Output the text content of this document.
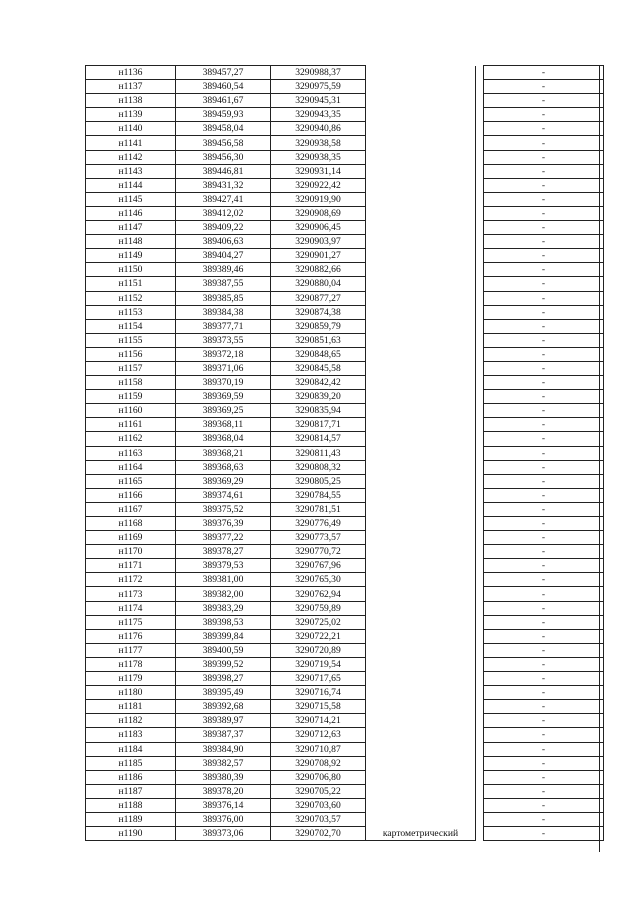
н1136	389457,27	3290988,37			-
н1137	389460,54	3290975,59			-
н1138	389461,67	3290945,31			-
н1139	389459,93	3290943,35			-
н1140	389458,04	3290940,86			-
н1141	389456,58	3290938,58			-
н1142	389456,30	3290938,35			-
н1143	389446,81	3290931,14			-
н1144	389431,32	3290922,42			-
н1145	389427,41	3290919,90			-
н1146	389412,02	3290908,69			-
н1147	389409,22	3290906,45			-
н1148	389406,63	3290903,97			-
н1149	389404,27	3290901,27			-
н1150	389389,46	3290882,66			-
н1151	389387,55	3290880,04			-
н1152	389385,85	3290877,27			-
н1153	389384,38	3290874,38			-
н1154	389377,71	3290859,79			-
н1155	389373,55	3290851,63			-
н1156	389372,18	3290848,65			-
н1157	389371,06	3290845,58			-
н1158	389370,19	3290842,42			-
н1159	389369,59	3290839,20			-
н1160	389369,25	3290835,94			-
н1161	389368,11	3290817,71			-
н1162	389368,04	3290814,57			-
н1163	389368,21	3290811,43			-
н1164	389368,63	3290808,32			-
н1165	389369,29	3290805,25			-
н1166	389374,61	3290784,55			-
н1167	389375,52	3290781,51			-
н1168	389376,39	3290776,49			-
н1169	389377,22	3290773,57			-
н1170	389378,27	3290770,72			-
н1171	389379,53	3290767,96			-
н1172	389381,00	3290765,30			-
н1173	389382,00	3290762,94			-
н1174	389383,29	3290759,89			-
н1175	389398,53	3290725,02			-
н1176	389399,84	3290722,21			-
н1177	389400,59	3290720,89			-
н1178	389399,52	3290719,54			-
н1179	389398,27	3290717,65			-
н1180	389395,49	3290716,74			-
н1181	389392,68	3290715,58			-
н1182	389389,97	3290714,21			-
н1183	389387,37	3290712,63			-
н1184	389384,90	3290710,87			-
н1185	389382,57	3290708,92			-
н1186	389380,39	3290706,80			-
н1187	389378,20	3290705,22			-
н1188	389376,14	3290703,60			-
н1189	389376,00	3290703,57			-
н1190	389373,06	3290702,70	картометрический		-
